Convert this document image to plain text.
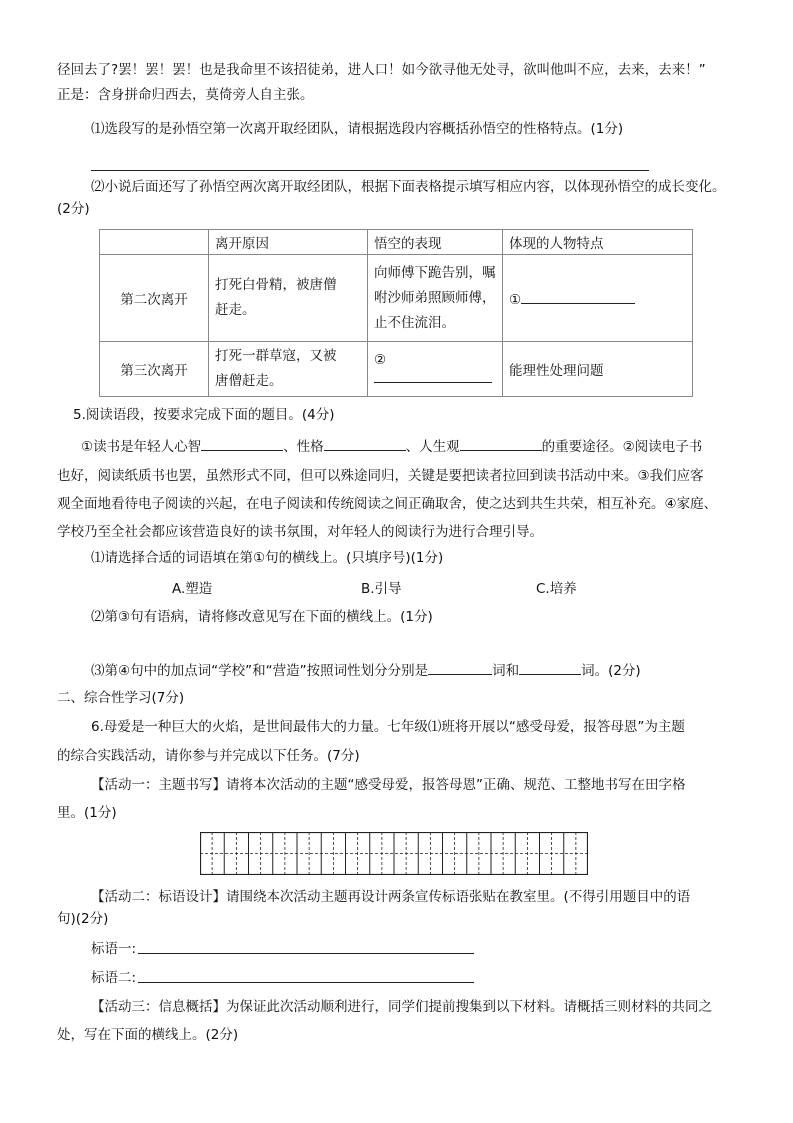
径回去了?罢！罢！罢！也是我命里不该招徒弟，进人口！如今欲寻他无处寻，欲叫他叫不应，去来，去来！”
正是：含身拼命归西去，莫倚旁人自主张。
⑴选段写的是孙悟空第一次离开取经团队，请根据选段内容概括孙悟空的性格特点。(1分)
⑵小说后面还写了孙悟空两次离开取经团队，根据下面表格提示填写相应内容，以体现孙悟空的成长变化。
(2分)
	离开原因	悟空的表现	体现的人物特点
第二次离开	打死白骨精，被唐僧赶走。	向师傅下跪告别，嘱咐沙师弟照顾师傅，止不住流泪。	①
第三次离开	打死一群草寇，又被唐僧赶走。	②	能理性处理问题
5.阅读语段，按要求完成下面的题目。(4分)
①读书是年轻人心智	、性格	、人生观	的重要途径。②阅读电子书
也好，阅读纸质书也罢，虽然形式不同，但可以殊途同归，关键是要把读者拉回到读书活动中来。③我们应客
观全面地看待电子阅读的兴起，在电子阅读和传统阅读之间正确取舍，使之达到共生共荣，相互补充。④家庭、
学校乃至全社会都应该营造良好的读书氛围，对年轻人的阅读行为进行合理引导。
⑴请选择合适的词语填在第①句的横线上。(只填序号)(1分)
A.塑造	B.引导	C.培养
⑵第③句有语病，请将修改意见写在下面的横线上。(1分)
⑶第④句中的加点词“学校”和“营造”按照词性划分分别是	词和	词。(2分)
二、综合性学习(7分)
6.母爱是一种巨大的火焰，是世间最伟大的力量。七年级⑴班将开展以“感受母爱，报答母恩”为主题
的综合实践活动，请你参与并完成以下任务。(7分)
【活动一：主题书写】请将本次活动的主题“感受母爱，报答母恩”正确、规范、工整地书写在田字格
里。(1分)
【活动二：标语设计】请围绕本次活动主题再设计两条宣传标语张贴在教室里。(不得引用题目中的语
句)(2分)
标语一:
标语二:
【活动三：信息概括】为保证此次活动顺利进行，同学们提前搜集到以下材料。请概括三则材料的共同之
处，写在下面的横线上。(2分)
